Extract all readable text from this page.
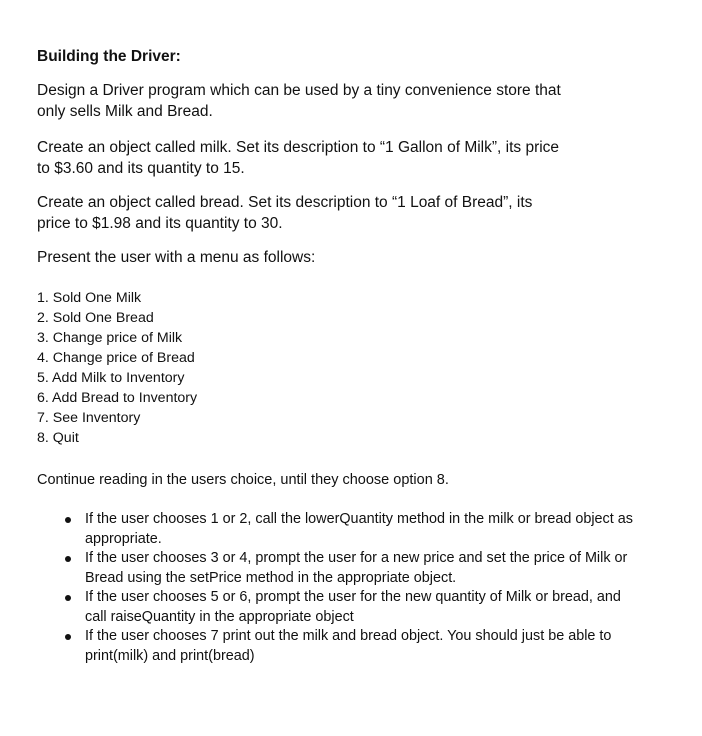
Building the Driver:

Design a Driver program which can be used by a tiny convenience store that
only sells Milk and Bread.

Create an object called milk. Set its description to “1 Gallon of Milk”, its price
to $3.60 and its quantity to 15.

Create an object called bread. Set its description to “1 Loaf of Bread”, its
price to $1.98 and its quantity to 30.

Present the user with a menu as follows:

1. Sold One Milk
2. Sold One Bread
3. Change price of Milk
4. Change price of Bread
5. Add Milk to Inventory
6. Add Bread to Inventory
7. See Inventory
8. Quit

Continue reading in the users choice, until they choose option 8.

If the user chooses 1 or 2, call the lowerQuantity method in the milk or bread object as
appropriate.
If the user chooses 3 or 4, prompt the user for a new price and set the price of Milk or
Bread using the setPrice method in the appropriate object.
If the user chooses 5 or 6, prompt the user for the new quantity of Milk or bread, and
call raiseQuantity in the appropriate object
If the user chooses 7 print out the milk and bread object. You should just be able to
print(milk) and print(bread)
